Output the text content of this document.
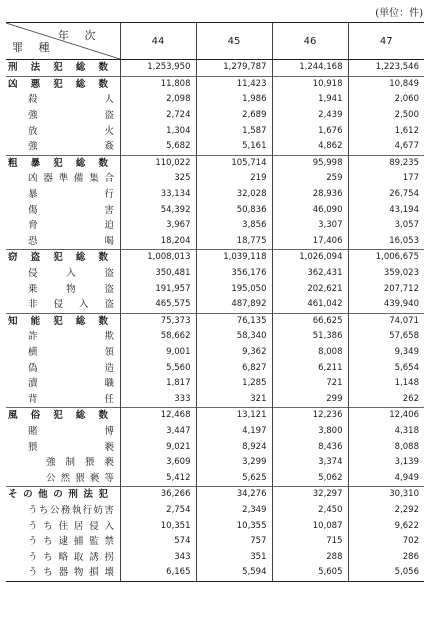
(単位：件)
年 次
罪 種	44	45	46	47
刑法犯総数	1,253,950	1,279,787	1,244,168	1,223,546
凶悪犯総数	11,808	11,423	10,918	10,849
殺人	2,098	1,986	1,941	2,060
強盗	2,724	2,689	2,439	2,500
放火	1,304	1,587	1,676	1,612
強姦	5,682	5,161	4,862	4,677
粗暴犯総数	110,022	105,714	95,998	89,235
凶器準備集合	325	219	259	177
暴行	33,134	32,028	28,936	26,754
傷害	54,392	50,836	46,090	43,194
脅迫	3,967	3,856	3,307	3,057
恐喝	18,204	18,775	17,406	16,053
窃盗犯総数	1,008,013	1,039,118	1,026,094	1,006,675
侵入盗	350,481	356,176	362,431	359,023
乗物盗	191,957	195,050	202,621	207,712
非侵入盗	465,575	487,892	461,042	439,940
知能犯総数	75,373	76,135	66,625	74,071
詐欺	58,662	58,340	51,386	57,658
横領	9,001	9,362	8,008	9,349
偽造	5,560	6,827	6,211	5,654
瀆職	1,817	1,285	721	1,148
背任	333	321	299	262
風俗犯総数	12,468	13,121	12,236	12,406
賭博	3,447	4,197	3,800	4,318
猥褻	9,021	8,924	8,436	8,088
強制猥褻	3,609	3,299	3,374	3,139
公然猥褻等	5,412	5,625	5,062	4,949
その他の刑法犯	36,266	34,276	32,297	30,310
うち公務執行妨害	2,754	2,349	2,450	2,292
うち住居侵入	10,351	10,355	10,087	9,622
うち逮捕監禁	574	757	715	702
うち略取誘拐	343	351	288	286
うち器物損壊	6,165	5,594	5,605	5,056
